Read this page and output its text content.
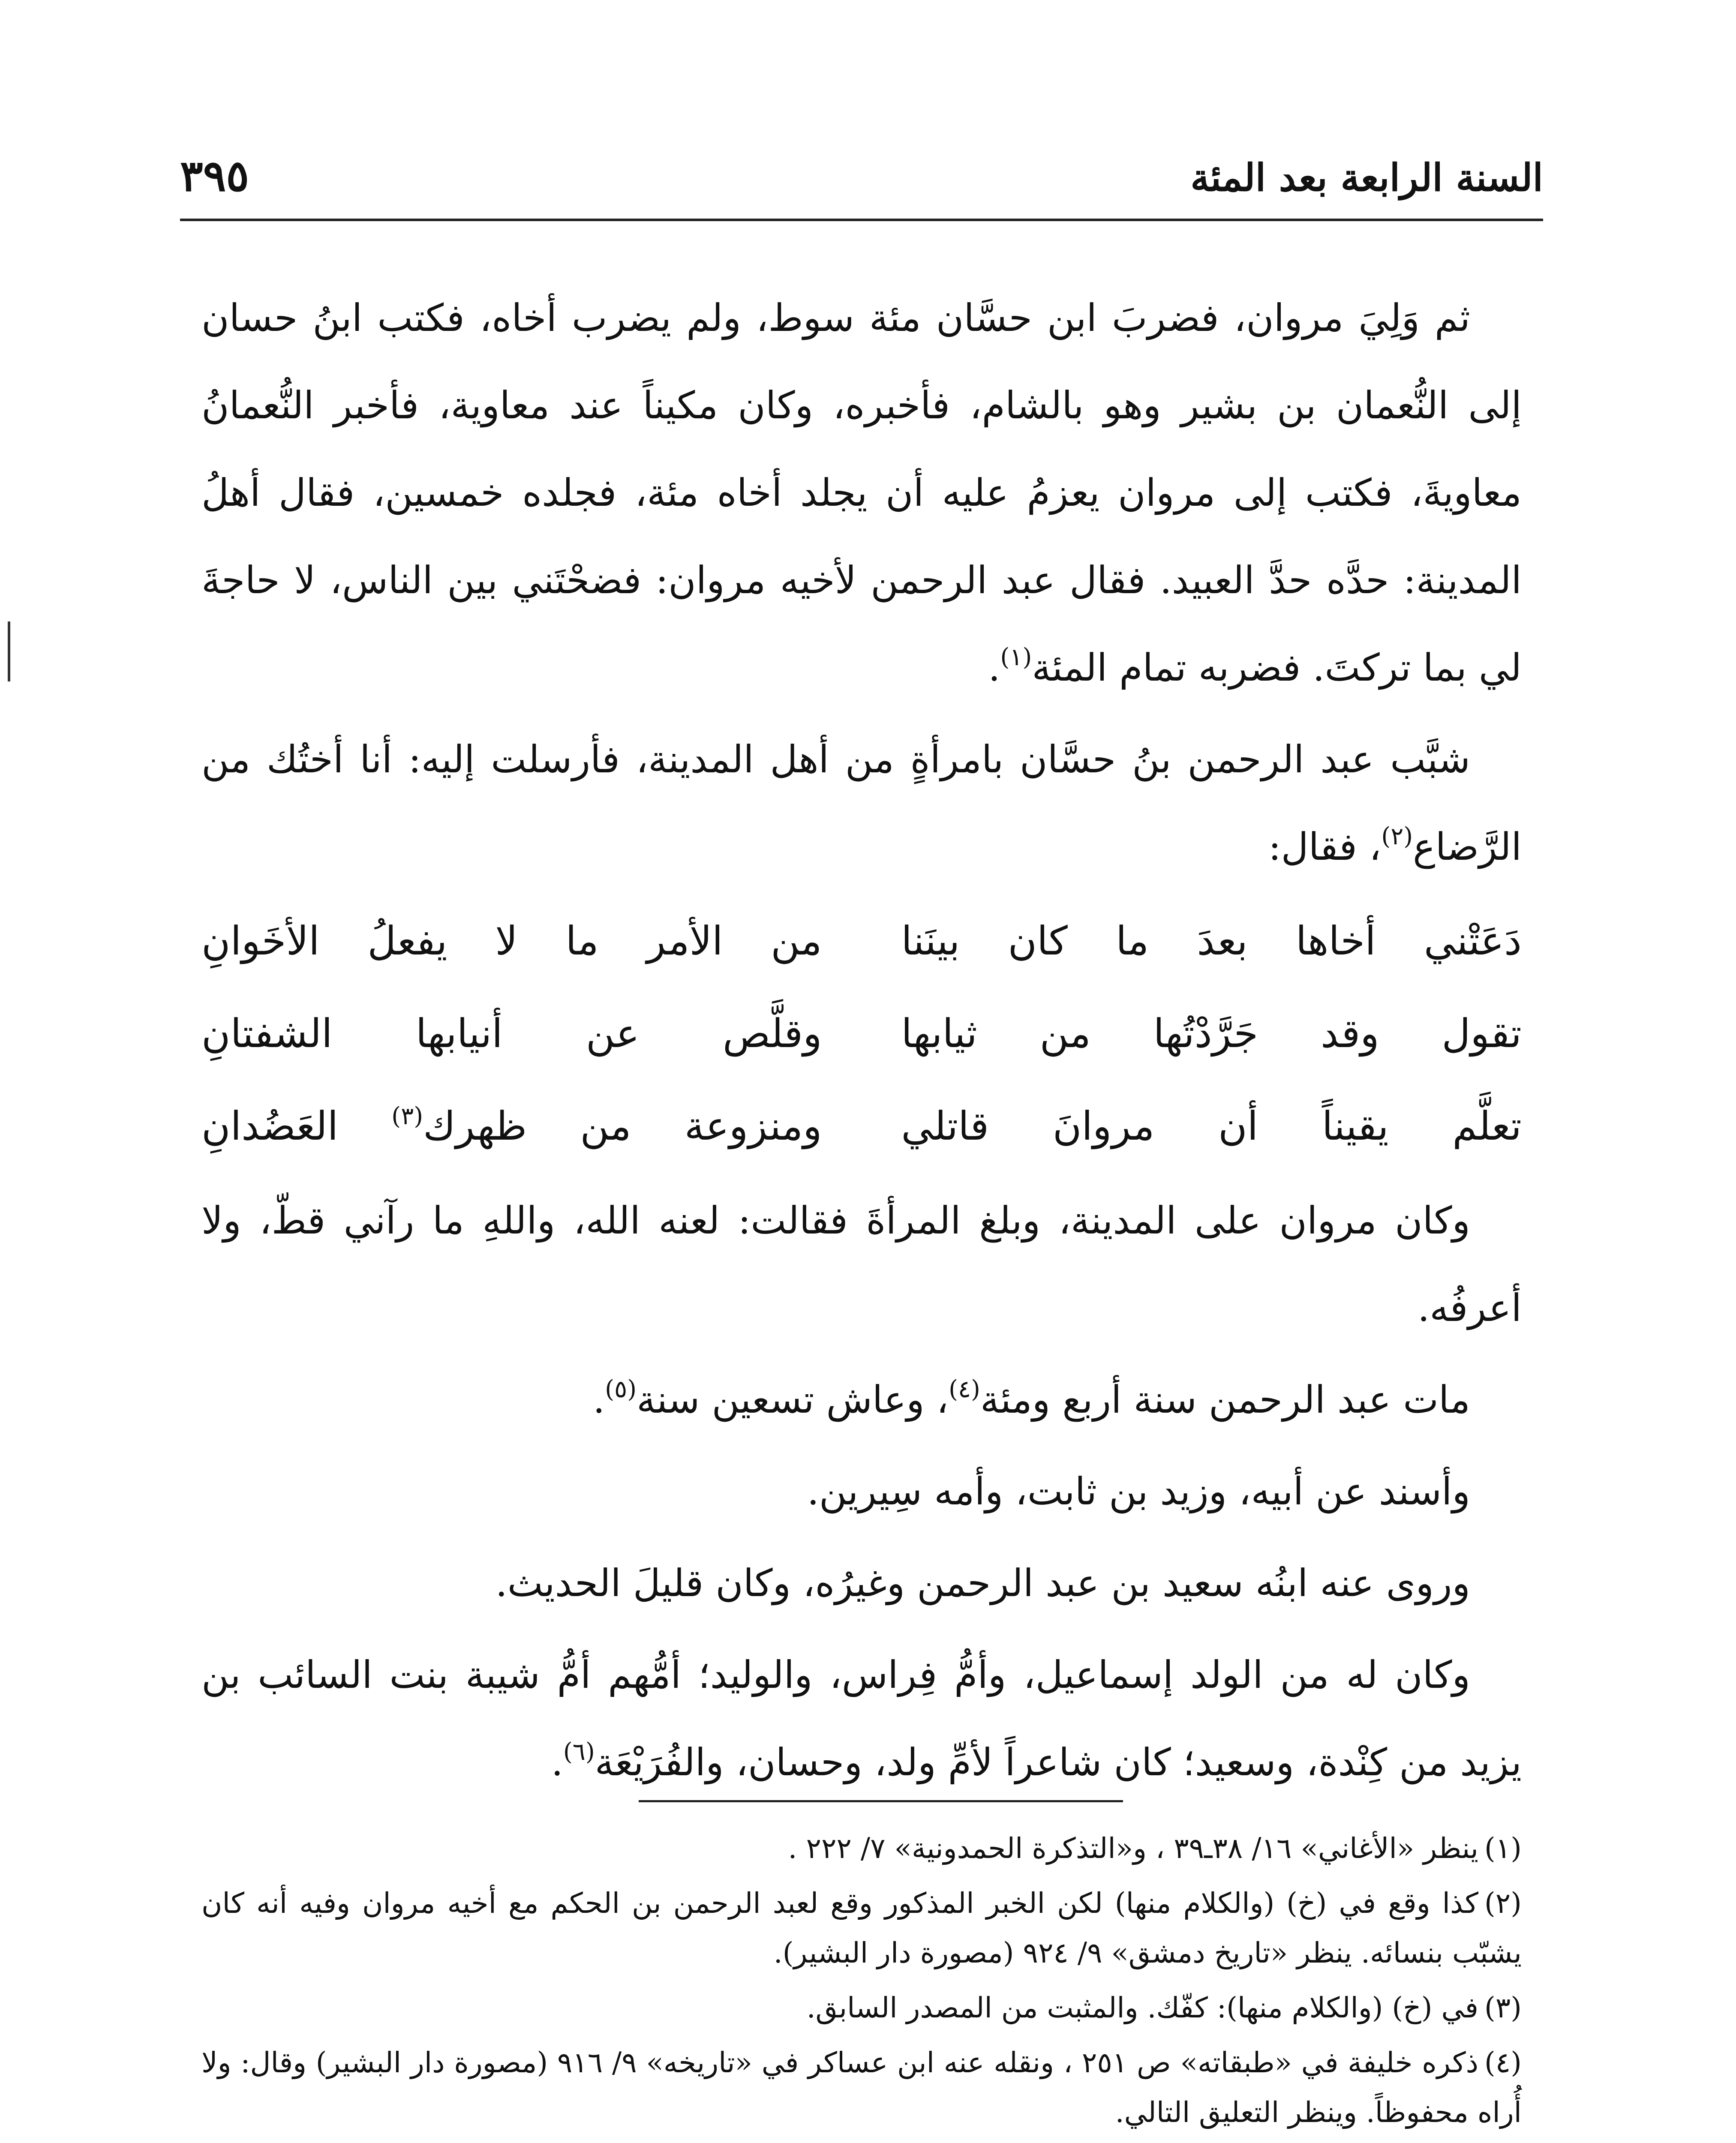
السنة الرابعة بعد المئة
٣٩٥

ثم وَلِيَ مروان، فضربَ ابن حسَّان مئة سوط، ولم يضرب أخاه، فكتب ابنُ حسان إلى النُّعمان بن بشير وهو بالشام، فأخبره، وكان مكيناً عند معاوية، فأخبر النُّعمانُ معاويةَ، فكتب إلى مروان يعزمُ عليه أن يجلد أخاه مئة، فجلده خمسين، فقال أهلُ المدينة: حدَّه حدَّ العبيد. فقال عبد الرحمن لأخيه مروان: فضحْتَني بين الناس، لا حاجةَ لي بما تركتَ. فضربه تمام المئة$^{(١)}$.

شبَّب عبد الرحمن بنُ حسَّان بامرأةٍ من أهل المدينة، فأرسلت إليه: أنا أختُك من الرَّضاع$^{(٢)}$، فقال:

دَعَتْني أخاها بعدَ ما كان بينَنا
من الأمر ما لا يفعلُ الأخَوانِ
تقول وقد جَرَّدْتُها من ثيابها
وقلَّص عن أنيابها الشفتانِ
تعلَّم يقيناً أن مروانَ قاتلي
ومنزوعة من ظهرك$^{(٣)}$ العَضُدانِ

وكان مروان على المدينة، وبلغ المرأةَ فقالت: لعنه الله، واللهِ ما رآني قطّ، ولا أعرفُه.

مات عبد الرحمن سنة أربع ومئة$^{(٤)}$، وعاش تسعين سنة$^{(٥)}$.

وأسند عن أبيه، وزيد بن ثابت، وأمه سِيرين.

وروى عنه ابنُه سعيد بن عبد الرحمن وغيرُه، وكان قليلَ الحديث.

وكان له من الولد إسماعيل، وأمُّ فِراس، والوليد؛ أمُّهم أمُّ شيبة بنت السائب بن يزيد من كِنْدة، وسعيد؛ كان شاعراً لأمِّ ولد، وحسان، والفُرَيْعَة$^{(٦)}$.

(١)ينظر «الأغاني» ١٦/ ٣٨ـ٣٩ ، و«التذكرة الحمدونية» ٧/ ٢٢٢ .
(٢)كذا وقع في (خ) (والكلام منها) لكن الخبر المذكور وقع لعبد الرحمن بن الحكم مع أخيه مروان وفيه أنه كان يشبّب بنسائه. ينظر «تاريخ دمشق» ٩/ ٩٢٤ (مصورة دار البشير).
(٣)في (خ) (والكلام منها): كفّك. والمثبت من المصدر السابق.
(٤)ذكره خليفة في «طبقاته» ص ٢٥١ ، ونقله عنه ابن عساكر في «تاريخه» ٩/ ٩١٦ (مصورة دار البشير) وقال: ولا أُراه محفوظاً. وينظر التعليق التالي.
